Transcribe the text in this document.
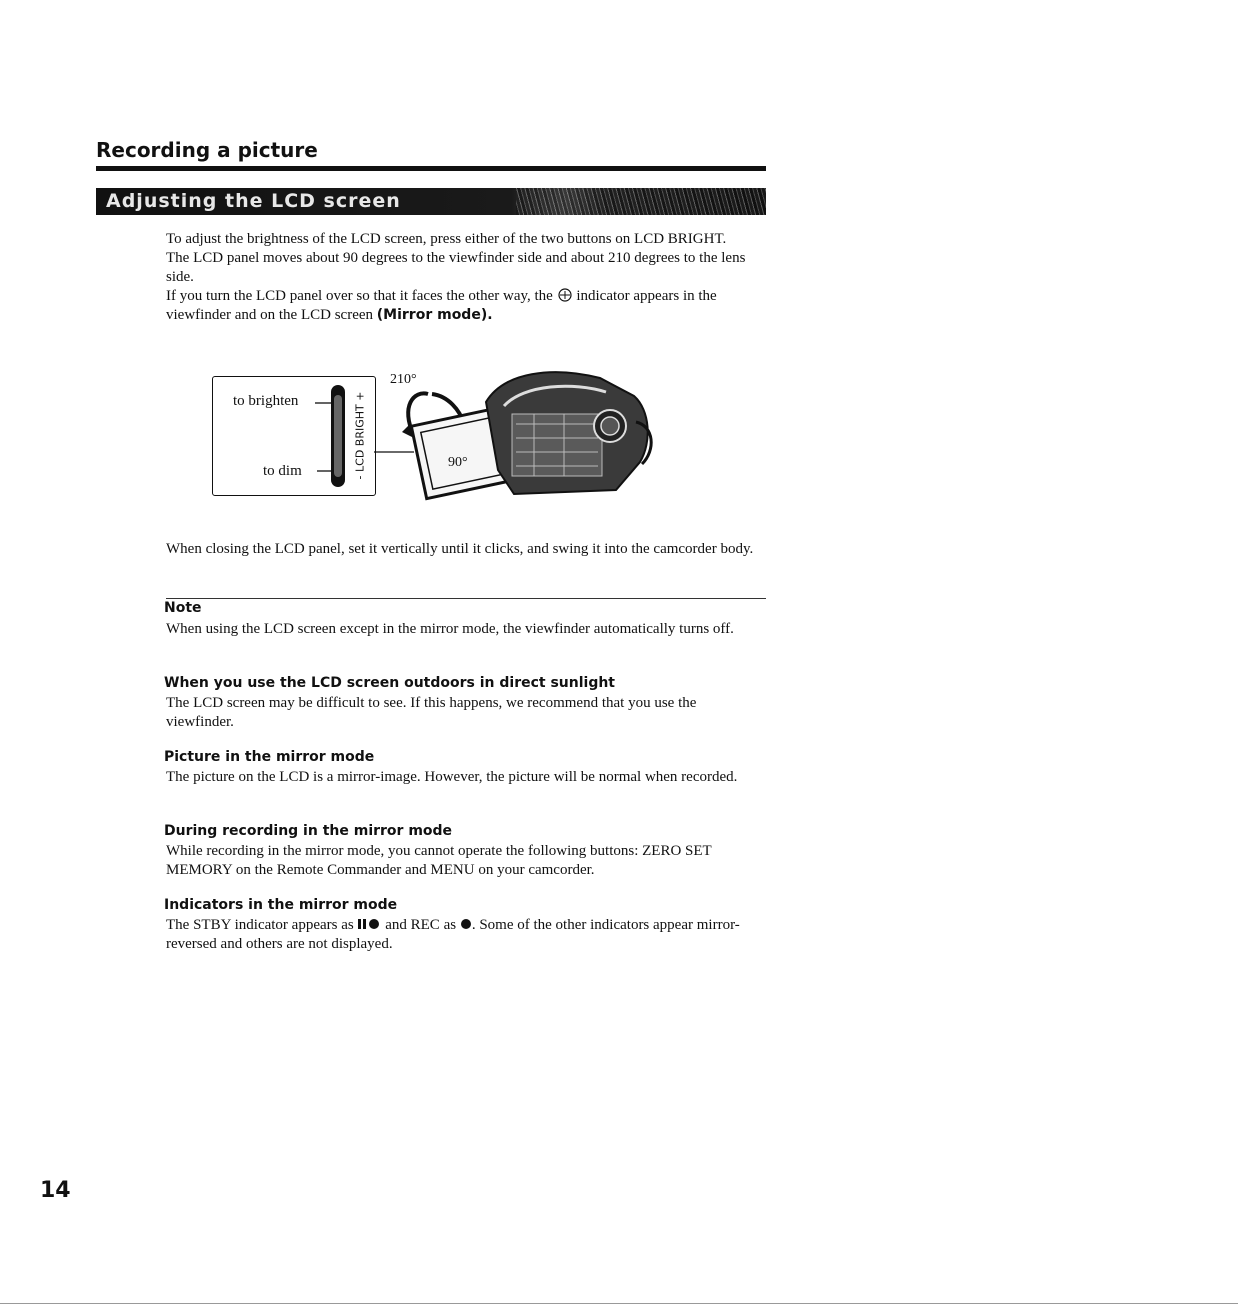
Recording a picture
Adjusting the LCD screen
To adjust the brightness of the LCD screen, press either of the two buttons on LCD BRIGHT.
The LCD panel moves about 90 degrees to the viewfinder side and about 210 degrees to the lens side.
If you turn the LCD panel over so that it faces the other way, the indicator appears in the viewfinder and on the LCD screen (Mirror mode).
to brighten
to dim	- LCD BRIGHT +
210°
90°

When closing the LCD panel, set it vertically until it clicks, and swing it into the camcorder body.

Note

When using the LCD screen except in the mirror mode, the viewfinder automatically turns off.

When you use the LCD screen outdoors in direct sunlight

The LCD screen may be difficult to see. If this happens, we recommend that you use the viewfinder.

Picture in the mirror mode

The picture on the LCD is a mirror-image. However, the picture will be normal when recorded.

During recording in the mirror mode

While recording in the mirror mode, you cannot operate the following buttons: ZERO SET MEMORY on the Remote Commander and MENU on your camcorder.

Indicators in the mirror mode

The STBY indicator appears as and REC as . Some of the other indicators appear mirror-reversed and others are not displayed.

14
